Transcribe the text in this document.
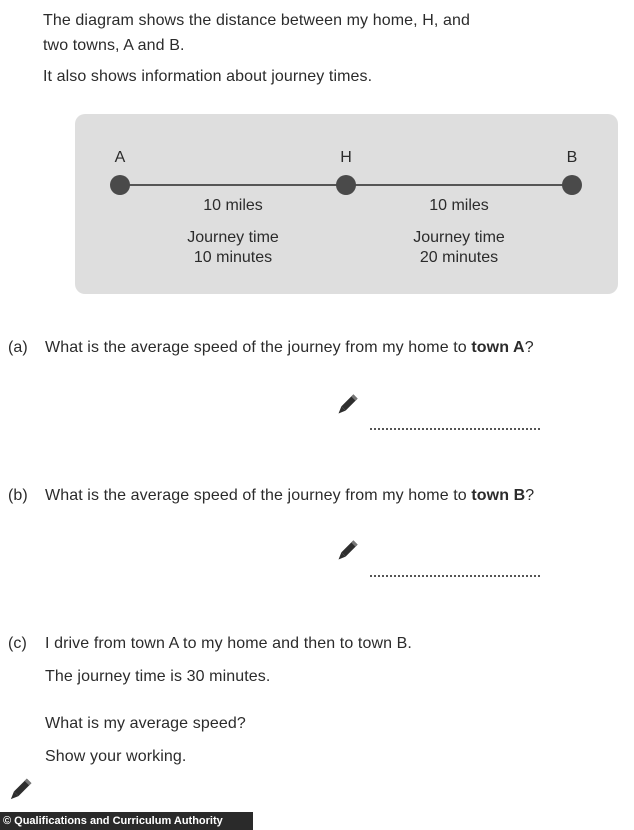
The diagram shows the distance between my home, H, and
two towns, A and B.
It also shows information about journey times.
A	H	B
10 miles
Journey time
10 minutes
10 miles
Journey time
20 minutes
(a) What is the average speed of the journey from my home to town A?
(b) What is the average speed of the journey from my home to town B?
(c) I drive from town A to my home and then to town B.
The journey time is 30 minutes.
What is my average speed?
Show your working.
© Qualifications and Curriculum Authority
